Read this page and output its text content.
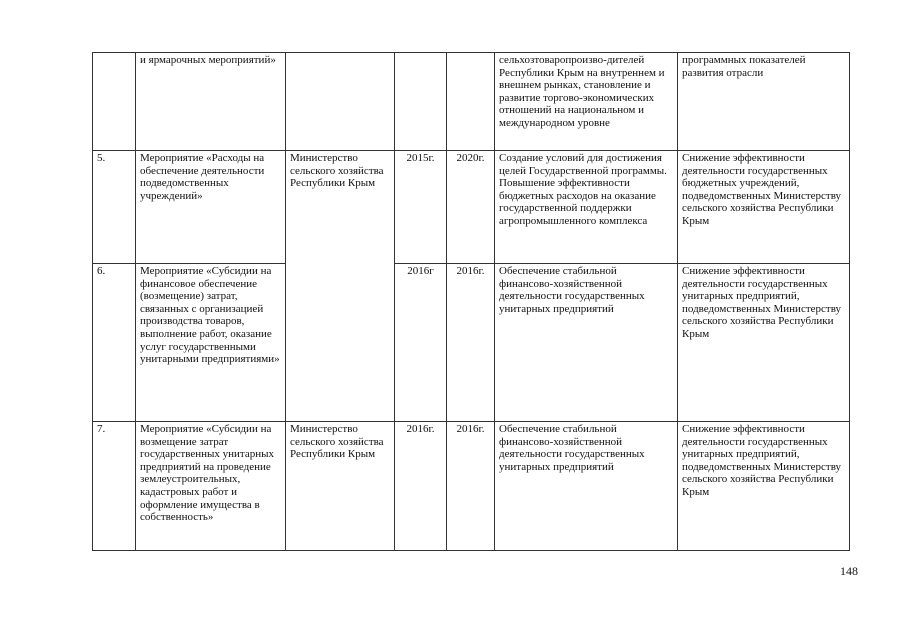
	и ярмарочных мероприятий»				сельхозтоваропроизво-дителей Республики Крым на внутреннем и внешнем рынках, становление и развитие торгово-экономических отношений на национальном и международном уровне	программных показателей развития отрасли
5.	Мероприятие «Расходы на обеспечение деятельности подведомственных учреждений»	Министерство сельского хозяйства Республики Крым	2015г.	2020г.	Создание условий для достижения целей Государственной программы. Повышение эффективности бюджетных расходов на оказание государственной поддержки агропромышленного комплекса	Снижение эффективности деятельности государственных бюджетных учреждений, подведомственных Министерству сельского хозяйства Республики Крым
6.	Мероприятие «Субсидии на финансовое обеспечение (возмещение) затрат, связанных с организацией производства товаров, выполнение работ, оказание услуг государственными унитарными предприятиями»		2016г	2016г.	Обеспечение стабильной финансово-хозяйственной деятельности государственных унитарных предприятий	Снижение эффективности деятельности государственных унитарных предприятий, подведомственных Министерству сельского хозяйства Республики Крым
7.	Мероприятие «Субсидии на возмещение затрат государственных унитарных предприятий на проведение землеустроительных, кадастровых работ и оформление имущества в собственность»	Министерство сельского хозяйства Республики Крым	2016г.	2016г.	Обеспечение стабильной финансово-хозяйственной деятельности государственных унитарных предприятий	Снижение эффективности деятельности государственных унитарных предприятий, подведомственных Министерству сельского хозяйства Республики Крым
148
